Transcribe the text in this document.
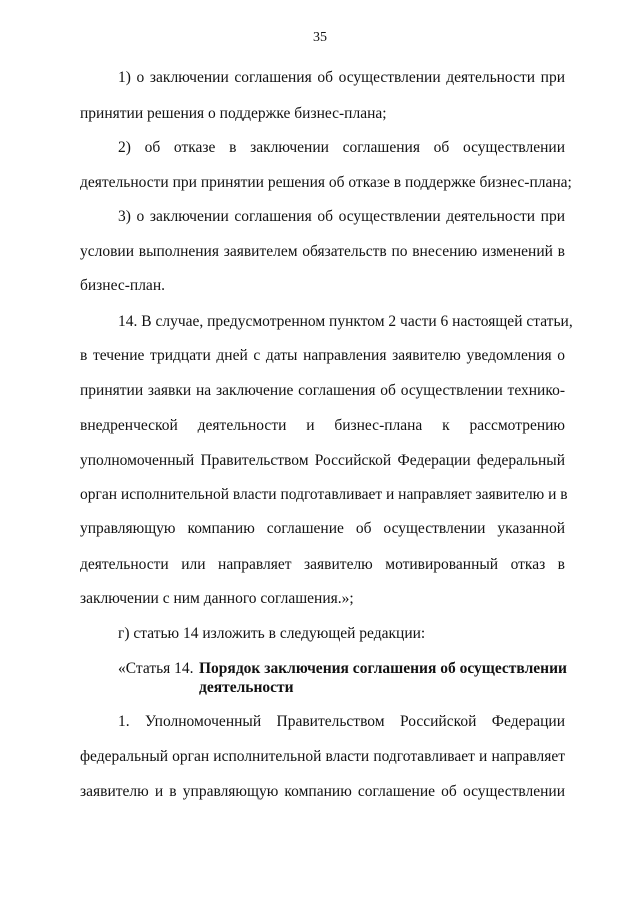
35
1) о заключении соглашения об осуществлении деятельности при
принятии решения о поддержке бизнес-плана;
2) об отказе в заключении соглашения об осуществлении
деятельности при принятии решения об отказе в поддержке бизнес-плана;
3) о заключении соглашения об осуществлении деятельности при
условии выполнения заявителем обязательств по внесению изменений в
бизнес-план.
14. В случае, предусмотренном пунктом 2 части 6 настоящей статьи,
в течение тридцати дней с даты направления заявителю уведомления о
принятии заявки на заключение соглашения об осуществлении технико-
внедренческой деятельности и бизнес-плана к рассмотрению
уполномоченный Правительством Российской Федерации федеральный
орган исполнительной власти подготавливает и направляет заявителю и в
управляющую компанию соглашение об осуществлении указанной
деятельности или направляет заявителю мотивированный отказ в
заключении с ним данного соглашения.»;
г) статью 14 изложить в следующей редакции:
«Статья 14. Порядок заключения соглашения об осуществлении
деятельности
1. Уполномоченный Правительством Российской Федерации
федеральный орган исполнительной власти подготавливает и направляет
заявителю и в управляющую компанию соглашение об осуществлении
